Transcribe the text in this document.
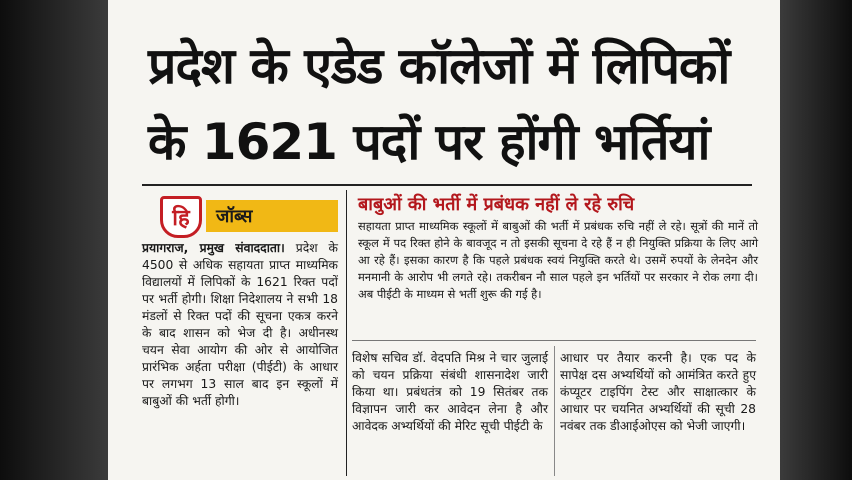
प्रदेश के एडेड कॉलेजों में लिपिकों
के 1621 पदों पर होंगी भर्तियां
हि जॉब्स

प्रयागराज, प्रमुख संवाददाता। प्रदेश के 4500 से अधिक सहायता प्राप्त माध्यमिक विद्यालयों में लिपिकों के 1621 रिक्त पदों पर भर्ती होगी। शिक्षा निदेशालय ने सभी 18 मंडलों से रिक्त पदों की सूचना एकत्र करने के बाद शासन को भेज दी है। अधीनस्थ चयन सेवा आयोग की ओर से आयोजित प्रारंभिक अर्हता परीक्षा (पीईटी) के आधार पर लगभग 13 साल बाद इन स्कूलों में बाबुओं की भर्ती होगी।

बाबुओं की भर्ती में प्रबंधक नहीं ले रहे रुचि

सहायता प्राप्त माध्यमिक स्कूलों में बाबुओं की भर्ती में प्रबंधक रुचि नहीं ले रहे। सूत्रों की मानें तो स्कूल में पद रिक्त होने के बावजूद न तो इसकी सूचना दे रहे हैं न ही नियुक्ति प्रक्रिया के लिए आगे आ रहे हैं। इसका कारण है कि पहले प्रबंधक स्वयं नियुक्ति करते थे। उसमें रुपयों के लेनदेन और मनमानी के आरोप भी लगते रहे। तकरीबन नौ साल पहले इन भर्तियों पर सरकार ने रोक लगा दी। अब पीईटी के माध्यम से भर्ती शुरू की गई है।

विशेष सचिव डॉ. वेदपति मिश्र ने चार जुलाई को चयन प्रक्रिया संबंधी शासनादेश जारी किया था। प्रबंधतंत्र को 19 सितंबर तक विज्ञापन जारी कर आवेदन लेना है और आवेदक अभ्यर्थियों की मेरिट सूची पीईटी के

आधार पर तैयार करनी है। एक पद के सापेक्ष दस अभ्यर्थियों को आमंत्रित करते हुए कंप्यूटर टाइपिंग टेस्ट और साक्षात्कार के आधार पर चयनित अभ्यर्थियों की सूची 28 नवंबर तक डीआईओएस को भेजी जाएगी।
